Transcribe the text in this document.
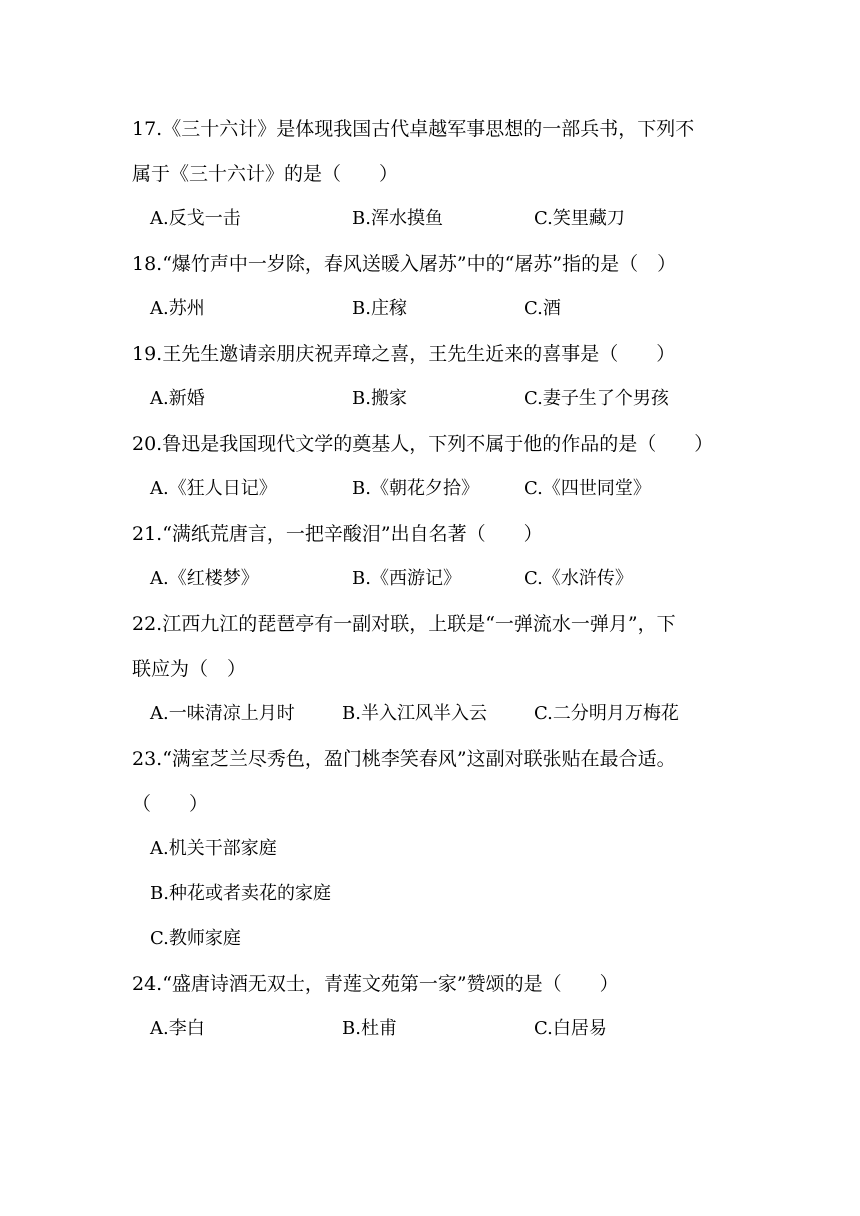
17.《三十六计》是体现我国古代卓越军事思想的一部兵书，下列不
属于《三十六计》的是（　　）
A.反戈一击	B.浑水摸鱼	C.笑里藏刀
18.“爆竹声中一岁除，春风送暖入屠苏”中的“屠苏”指的是（　）
A.苏州	B.庄稼	C.酒
19.王先生邀请亲朋庆祝弄璋之喜，王先生近来的喜事是（　　）
A.新婚	B.搬家	C.妻子生了个男孩
20.鲁迅是我国现代文学的奠基人，下列不属于他的作品的是（　　）
A.《狂人日记》	B.《朝花夕拾》	C.《四世同堂》
21.“满纸荒唐言，一把辛酸泪”出自名著（　　）
A.《红楼梦》	B.《西游记》	C.《水浒传》
22.江西九江的琵琶亭有一副对联，上联是“一弹流水一弹月”，下
联应为（　）
A.一味清凉上月时	B.半入江风半入云	C.二分明月万梅花
23.“满室芝兰尽秀色，盈门桃李笑春风”这副对联张贴在最合适。
（　　）
A.机关干部家庭
B.种花或者卖花的家庭
C.教师家庭
24.“盛唐诗酒无双士，青莲文苑第一家”赞颂的是（　　）
A.李白	B.杜甫	C.白居易
